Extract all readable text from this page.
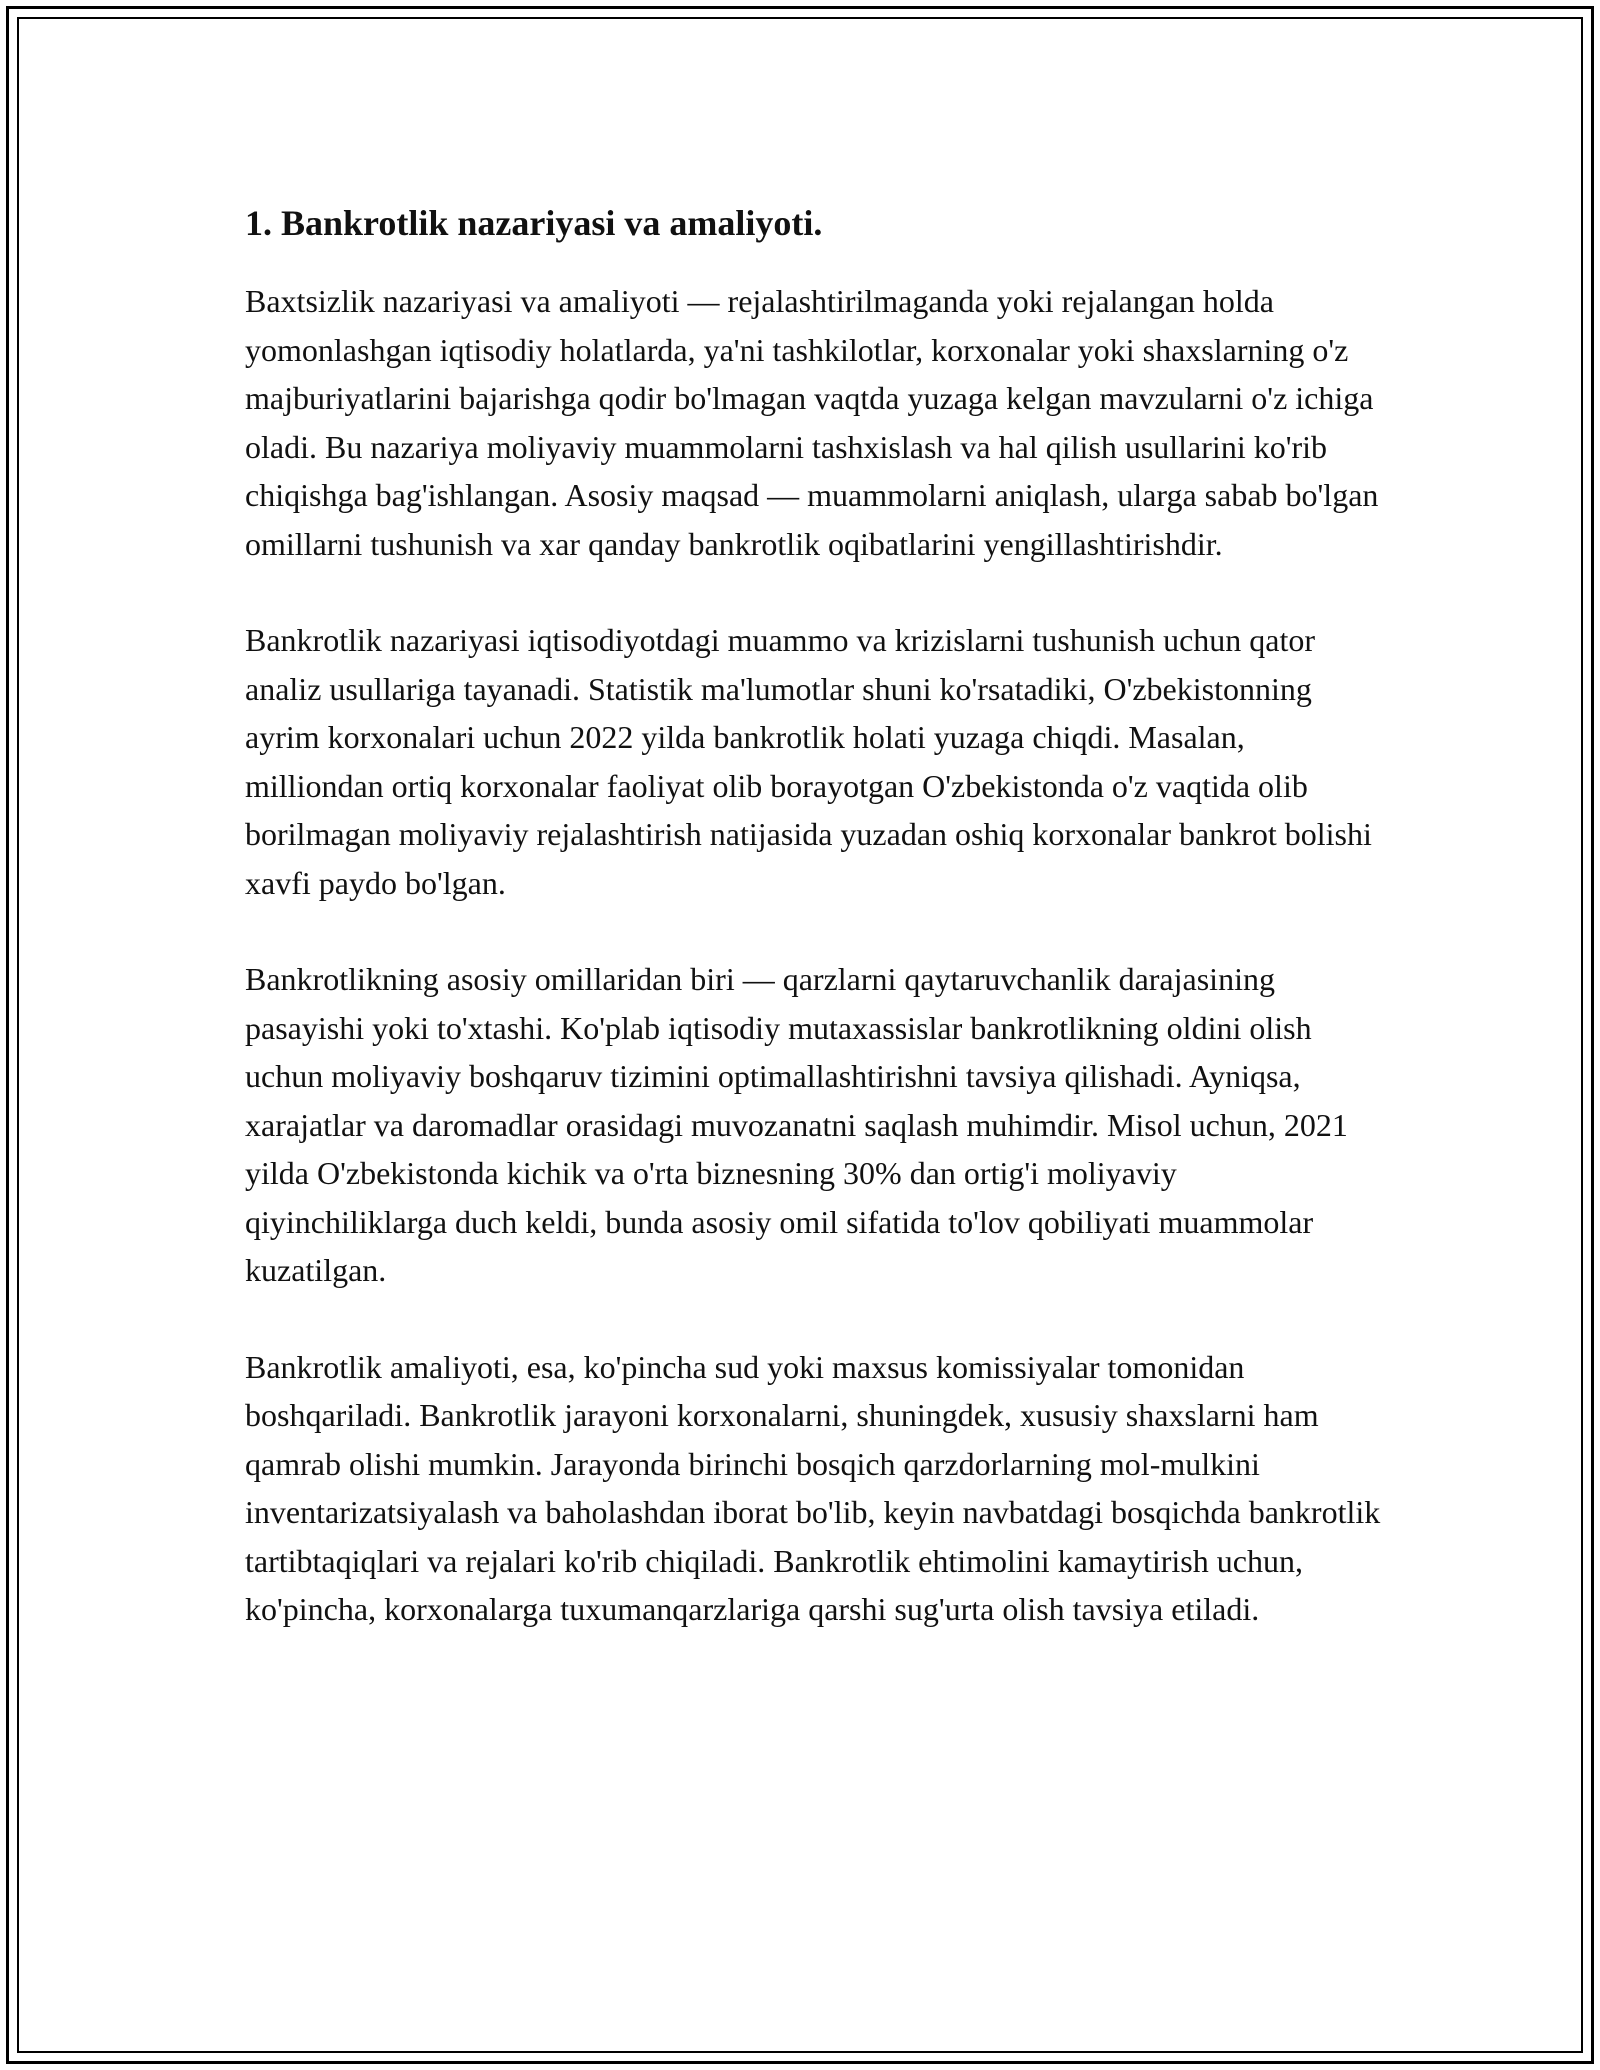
1. Bankrotlik nazariyasi va amaliyoti.

Baxtsizlik nazariyasi va amaliyoti — rejalashtirilmaganda yoki rejalangan holda yomonlashgan iqtisodiy holatlarda, ya'ni tashkilotlar, korxonalar yoki shaxslarning o'z majburiyatlarini bajarishga qodir bo'lmagan vaqtda yuzaga kelgan mavzularni o'z ichiga oladi. Bu nazariya moliyaviy muammolarni tashxislash va hal qilish usullarini ko'rib chiqishga bag'ishlangan. Asosiy maqsad — muammolarni aniqlash, ularga sabab bo'lgan omillarni tushunish va xar qanday bankrotlik oqibatlarini yengillashtirishdir.

Bankrotlik nazariyasi iqtisodiyotdagi muammo va krizislarni tushunish uchun qator analiz usullariga tayanadi. Statistik ma'lumotlar shuni ko'rsatadiki, O'zbekistonning ayrim korxonalari uchun 2022 yilda bankrotlik holati yuzaga chiqdi. Masalan, milliondan ortiq korxonalar faoliyat olib borayotgan O'zbekistonda o'z vaqtida olib borilmagan moliyaviy rejalashtirish natijasida yuzadan oshiq korxonalar bankrot bolishi xavfi paydo bo'lgan.

Bankrotlikning asosiy omillaridan biri — qarzlarni qaytaruvchanlik darajasining pasayishi yoki to'xtashi. Ko'plab iqtisodiy mutaxassislar bankrotlikning oldini olish uchun moliyaviy boshqaruv tizimini optimallashtirishni tavsiya qilishadi. Ayniqsa, xarajatlar va daromadlar orasidagi muvozanatni saqlash muhimdir. Misol uchun, 2021 yilda O'zbekistonda kichik va o'rta biznesning 30% dan ortig'i moliyaviy qiyinchiliklarga duch keldi, bunda asosiy omil sifatida to'lov qobiliyati muammolar kuzatilgan.

Bankrotlik amaliyoti, esa, ko'pincha sud yoki maxsus komissiyalar tomonidan boshqariladi. Bankrotlik jarayoni korxonalarni, shuningdek, xususiy shaxslarni ham qamrab olishi mumkin. Jarayonda birinchi bosqich qarzdorlarning mol-mulkini inventarizatsiyalash va baholashdan iborat bo'lib, keyin navbatdagi bosqichda bankrotlik tartibtaqiqlari va rejalari ko'rib chiqiladi. Bankrotlik ehtimolini kamaytirish uchun, ko'pincha, korxonalarga tuxumanqarzlariga qarshi sug'urta olish tavsiya etiladi.
